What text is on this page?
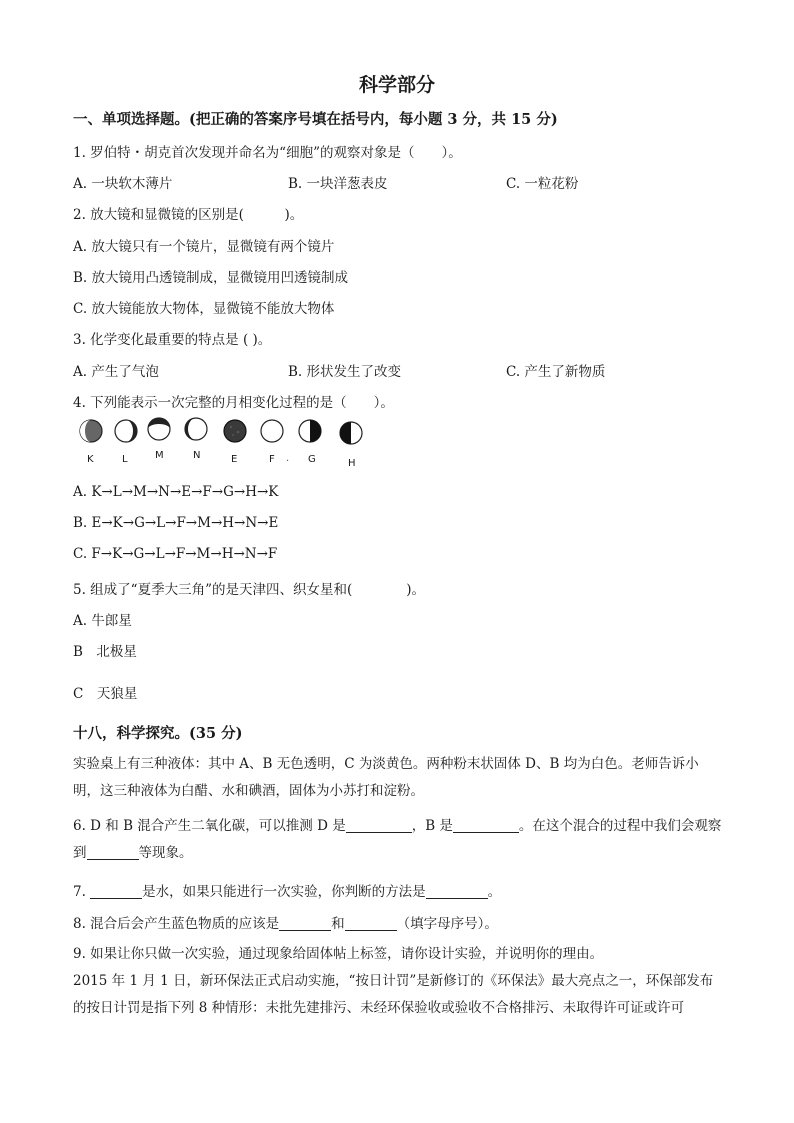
科学部分
一、单项选择题。(把正确的答案序号填在括号内，每小题 3 分，共 15 分)
1. 罗伯特・胡克首次发现并命名为“细胞”的观察对象是（　　）。
A. 一块软木薄片	B. 一块洋葱表皮	C. 一粒花粉
2. 放大镜和显微镜的区别是(　　　)。
A. 放大镜只有一个镜片，显微镜有两个镜片
B. 放大镜用凸透镜制成，显微镜用凹透镜制成
C. 放大镜能放大物体，显微镜不能放大物体
3. 化学变化最重要的特点是 ( )。
A. 产生了气泡	B. 形状发生了改变	C. 产生了新物质
4. 下列能表示一次完整的月相变化过程的是（　　）。
K	L	M	N	E	F	G	H
·
A. K→L→M→N→E→F→G→H→K
B. E→K→G→L→F→M→H→N→E
C. F→K→G→L→F→M→H→N→F
5. 组成了“夏季大三角”的是天津四、织女星和(　　　　)。
A. 牛郎星
B　北极星
C　天狼星
十八，科学探究。(35 分)
实验桌上有三种液体：其中 A、B 无色透明，C 为淡黄色。两种粉末状固体 D、B 均为白色。老师告诉小明，这三种液体为白醋、水和碘酒，固体为小苏打和淀粉。
6. D 和 B 混合产生二氧化碳，可以推测 D 是	，B 是	。在这个混合的过程中我们会观察到	等现象。
7.	是水，如果只能进行一次实验，你判断的方法是	。
8. 混合后会产生蓝色物质的应该是	和	（填字母序号）。
9. 如果让你只做一次实验，通过现象给固体帖上标签，请你设计实验，并说明你的理由。
2015 年 1 月 1 日，新环保法正式启动实施，“按日计罚”是新修订的《环保法》最大亮点之一，环保部发布的按日计罚是指下列 8 种情形：未批先建排污、未经环保验收或验收不合格排污、未取得许可证或许可
